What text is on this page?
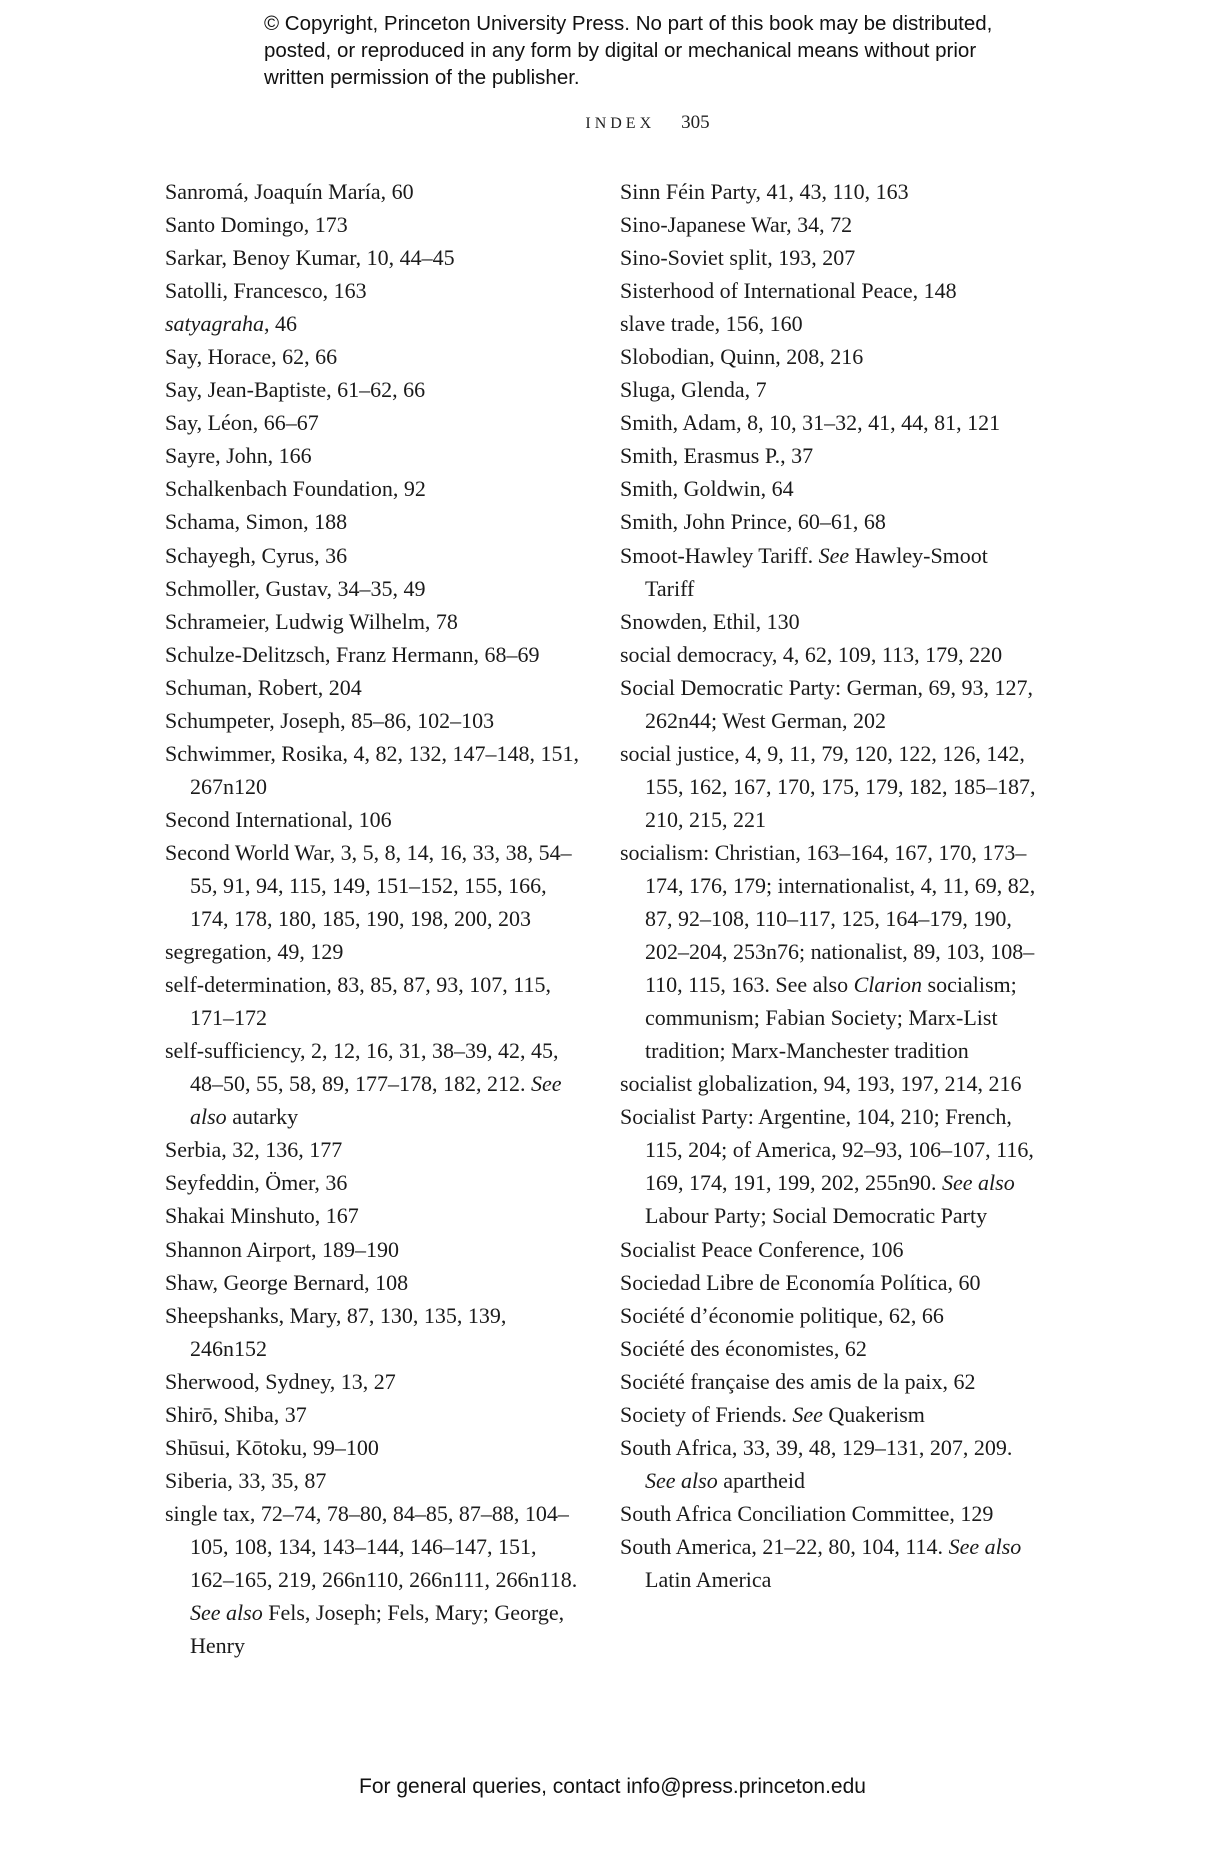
© Copyright, Princeton University Press. No part of this book may be distributed, posted, or reproduced in any form by digital or mechanical means without prior written permission of the publisher.
INDEX 305

Sanromá, Joaquín María, 60

Santo Domingo, 173

Sarkar, Benoy Kumar, 10, 44–45

Satolli, Francesco, 163

satyagraha, 46

Say, Horace, 62, 66

Say, Jean-Baptiste, 61–62, 66

Say, Léon, 66–67

Sayre, John, 166

Schalkenbach Foundation, 92

Schama, Simon, 188

Schayegh, Cyrus, 36

Schmoller, Gustav, 34–35, 49

Schrameier, Ludwig Wilhelm, 78

Schulze-Delitzsch, Franz Hermann, 68–69

Schuman, Robert, 204

Schumpeter, Joseph, 85–86, 102–103

Schwimmer, Rosika, 4, 82, 132, 147–148, 151, 267n120

Second International, 106

Second World War, 3, 5, 8, 14, 16, 33, 38, 54–55, 91, 94, 115, 149, 151–152, 155, 166, 174, 178, 180, 185, 190, 198, 200, 203

segregation, 49, 129

self-determination, 83, 85, 87, 93, 107, 115, 171–172

self-sufficiency, 2, 12, 16, 31, 38–39, 42, 45, 48–50, 55, 58, 89, 177–178, 182, 212. See also autarky

Serbia, 32, 136, 177

Seyfeddin, Ömer, 36

Shakai Minshuto, 167

Shannon Airport, 189–190

Shaw, George Bernard, 108

Sheepshanks, Mary, 87, 130, 135, 139, 246n152

Sherwood, Sydney, 13, 27

Shirō, Shiba, 37

Shūsui, Kōtoku, 99–100

Siberia, 33, 35, 87

single tax, 72–74, 78–80, 84–85, 87–88, 104–105, 108, 134, 143–144, 146–147, 151, 162–165, 219, 266n110, 266n111, 266n118. See also Fels, Joseph; Fels, Mary; George, Henry

Sinn Féin Party, 41, 43, 110, 163

Sino-Japanese War, 34, 72

Sino-Soviet split, 193, 207

Sisterhood of International Peace, 148

slave trade, 156, 160

Slobodian, Quinn, 208, 216

Sluga, Glenda, 7

Smith, Adam, 8, 10, 31–32, 41, 44, 81, 121

Smith, Erasmus P., 37

Smith, Goldwin, 64

Smith, John Prince, 60–61, 68

Smoot-Hawley Tariff. See Hawley-Smoot Tariff

Snowden, Ethil, 130

social democracy, 4, 62, 109, 113, 179, 220

Social Democratic Party: German, 69, 93, 127, 262n44; West German, 202

social justice, 4, 9, 11, 79, 120, 122, 126, 142, 155, 162, 167, 170, 175, 179, 182, 185–187, 210, 215, 221

socialism: Christian, 163–164, 167, 170, 173–174, 176, 179; internationalist, 4, 11, 69, 82, 87, 92–108, 110–117, 125, 164–179, 190, 202–204, 253n76; nationalist, 89, 103, 108–110, 115, 163. See also Clarion socialism; communism; Fabian Society; Marx-List tradition; Marx-Manchester tradition

socialist globalization, 94, 193, 197, 214, 216

Socialist Party: Argentine, 104, 210; French, 115, 204; of America, 92–93, 106–107, 116, 169, 174, 191, 199, 202, 255n90. See also Labour Party; Social Democratic Party

Socialist Peace Conference, 106

Sociedad Libre de Economía Política, 60

Société d’économie politique, 62, 66

Société des économistes, 62

Société française des amis de la paix, 62

Society of Friends. See Quakerism

South Africa, 33, 39, 48, 129–131, 207, 209. See also apartheid

South Africa Conciliation Committee, 129

South America, 21–22, 80, 104, 114. See also Latin America

For general queries, contact info@press.princeton.edu
